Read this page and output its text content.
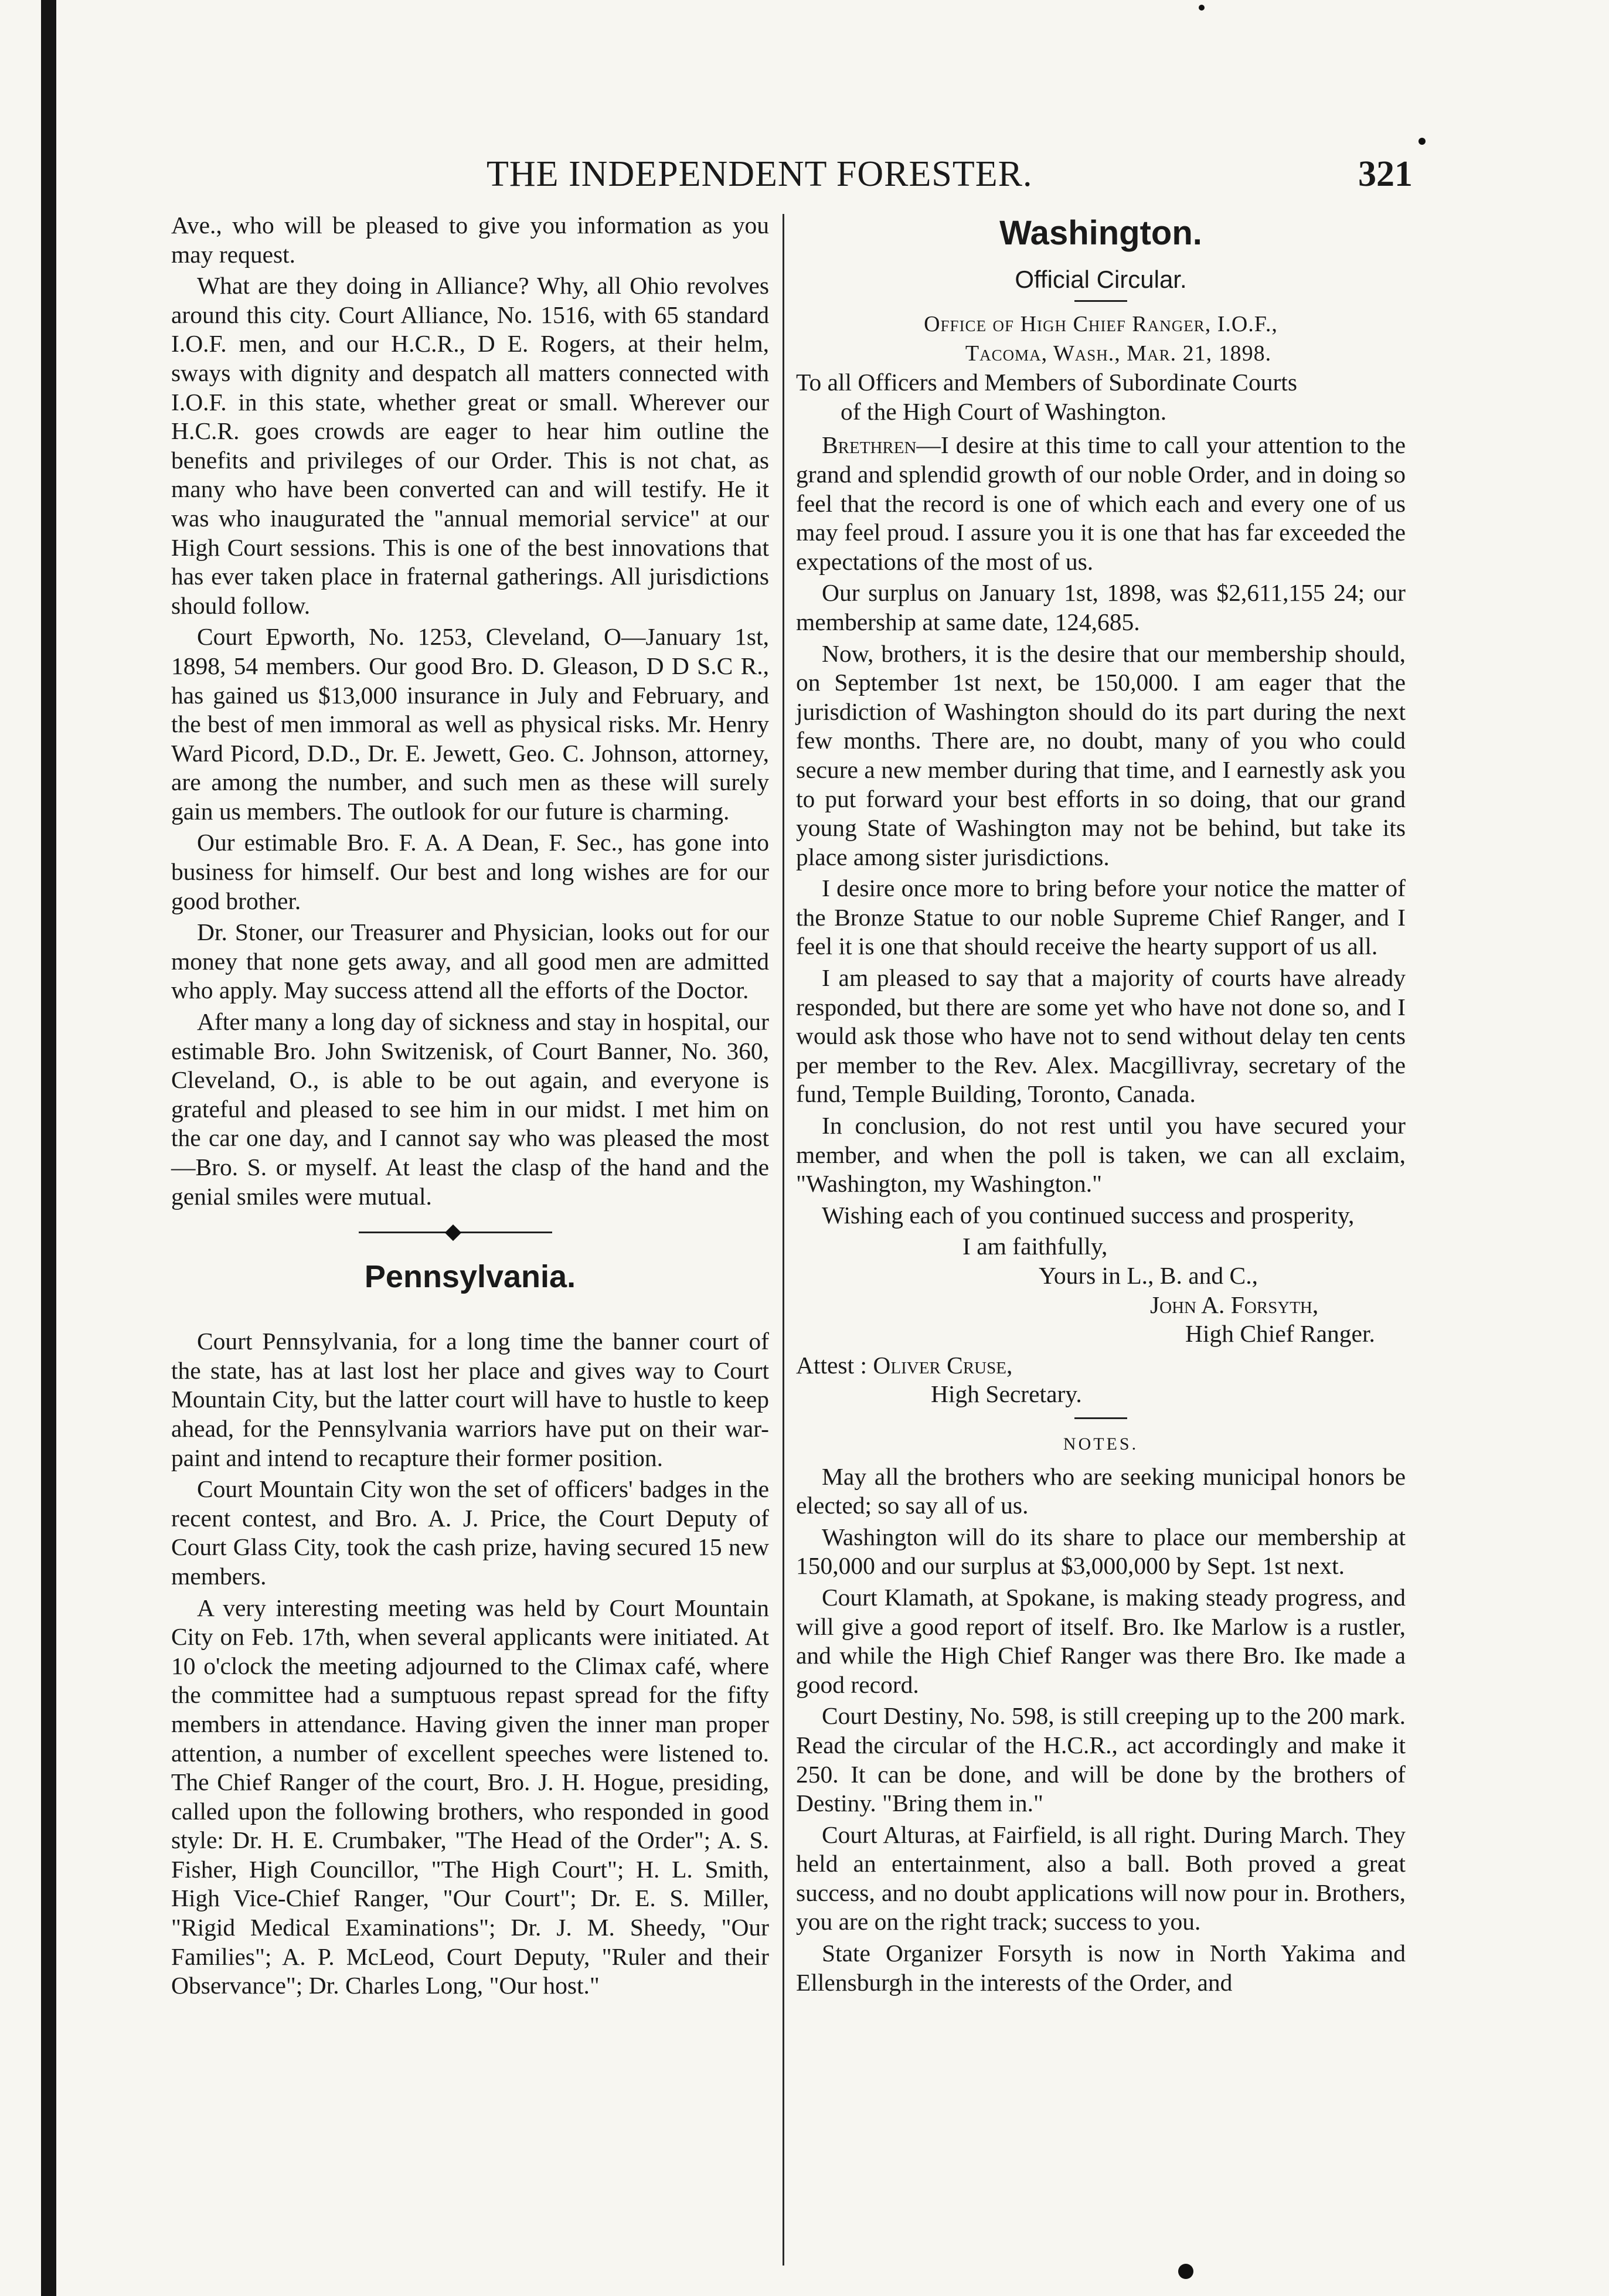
THE INDEPENDENT FORESTER.	321

Ave., who will be pleased to give you information as you may request.

What are they doing in Alliance? Why, all Ohio revolves around this city. Court Alliance, No. 1516, with 65 standard I.O.F. men, and our H.C.R., D E. Rogers, at their helm, sways with dignity and despatch all matters connected with I.O.F. in this state, whether great or small. Wherever our H.C.R. goes crowds are eager to hear him outline the benefits and privileges of our Order. This is not chat, as many who have been converted can and will testify. He it was who inaugurated the "annual memorial service" at our High Court sessions. This is one of the best innovations that has ever taken place in fraternal gatherings. All jurisdictions should follow.

Court Epworth, No. 1253, Cleveland, O—January 1st, 1898, 54 members. Our good Bro. D. Gleason, D D S.C R., has gained us $13,000 insurance in July and February, and the best of men immoral as well as physical risks. Mr. Henry Ward Picord, D.D., Dr. E. Jewett, Geo. C. Johnson, attorney, are among the number, and such men as these will surely gain us members. The outlook for our future is charming.

Our estimable Bro. F. A. A Dean, F. Sec., has gone into business for himself. Our best and long wishes are for our good brother.

Dr. Stoner, our Treasurer and Physician, looks out for our money that none gets away, and all good men are admitted who apply. May success attend all the efforts of the Doctor.

After many a long day of sickness and stay in hospital, our estimable Bro. John Switzenisk, of Court Banner, No. 360, Cleveland, O., is able to be out again, and everyone is grateful and pleased to see him in our midst. I met him on the car one day, and I cannot say who was pleased the most—Bro. S. or myself. At least the clasp of the hand and the genial smiles were mutual.

Pennsylvania.

Court Pennsylvania, for a long time the banner court of the state, has at last lost her place and gives way to Court Mountain City, but the latter court will have to hustle to keep ahead, for the Pennsylvania warriors have put on their war-paint and intend to recapture their former position.

Court Mountain City won the set of officers' badges in the recent contest, and Bro. A. J. Price, the Court Deputy of Court Glass City, took the cash prize, having secured 15 new members.

A very interesting meeting was held by Court Mountain City on Feb. 17th, when several applicants were initiated. At 10 o'clock the meeting adjourned to the Climax café, where the committee had a sumptuous repast spread for the fifty members in attendance. Having given the inner man proper attention, a number of excellent speeches were listened to. The Chief Ranger of the court, Bro. J. H. Hogue, presiding, called upon the following brothers, who responded in good style: Dr. H. E. Crumbaker, "The Head of the Order"; A. S. Fisher, High Councillor, "The High Court"; H. L. Smith, High Vice-Chief Ranger, "Our Court"; Dr. E. S. Miller, "Rigid Medical Examinations"; Dr. J. M. Sheedy, "Our Families"; A. P. McLeod, Court Deputy, "Ruler and their Observance"; Dr. Charles Long, "Our host."

Washington.
Official Circular.
Office of High Chief Ranger, I.O.F.,
Tacoma, Wash., Mar. 21, 1898.
To all Officers and Members of Subordinate Courts
of the High Court of Washington.

Brethren—I desire at this time to call your attention to the grand and splendid growth of our noble Order, and in doing so feel that the record is one of which each and every one of us may feel proud. I assure you it is one that has far exceeded the expectations of the most of us.

Our surplus on January 1st, 1898, was $2,611,155 24; our membership at same date, 124,685.

Now, brothers, it is the desire that our membership should, on September 1st next, be 150,000. I am eager that the jurisdiction of Washington should do its part during the next few months. There are, no doubt, many of you who could secure a new member during that time, and I earnestly ask you to put forward your best efforts in so doing, that our grand young State of Washington may not be behind, but take its place among sister jurisdictions.

I desire once more to bring before your notice the matter of the Bronze Statue to our noble Supreme Chief Ranger, and I feel it is one that should receive the hearty support of us all.

I am pleased to say that a majority of courts have already responded, but there are some yet who have not done so, and I would ask those who have not to send without delay ten cents per member to the Rev. Alex. Macgillivray, secretary of the fund, Temple Building, Toronto, Canada.

In conclusion, do not rest until you have secured your member, and when the poll is taken, we can all exclaim, "Washington, my Washington."

Wishing each of you continued success and prosperity,

I am faithfully,
Yours in L., B. and C.,
John A. Forsyth,
High Chief Ranger.

Attest : Oliver Cruse,
High Secretary.

NOTES.

May all the brothers who are seeking municipal honors be elected; so say all of us.

Washington will do its share to place our membership at 150,000 and our surplus at $3,000,000 by Sept. 1st next.

Court Klamath, at Spokane, is making steady progress, and will give a good report of itself. Bro. Ike Marlow is a rustler, and while the High Chief Ranger was there Bro. Ike made a good record.

Court Destiny, No. 598, is still creeping up to the 200 mark. Read the circular of the H.C.R., act accordingly and make it 250. It can be done, and will be done by the brothers of Destiny. "Bring them in."

Court Alturas, at Fairfield, is all right. During March. They held an entertainment, also a ball. Both proved a great success, and no doubt applications will now pour in. Brothers, you are on the right track; success to you.

State Organizer Forsyth is now in North Yakima and Ellensburgh in the interests of the Order, and
